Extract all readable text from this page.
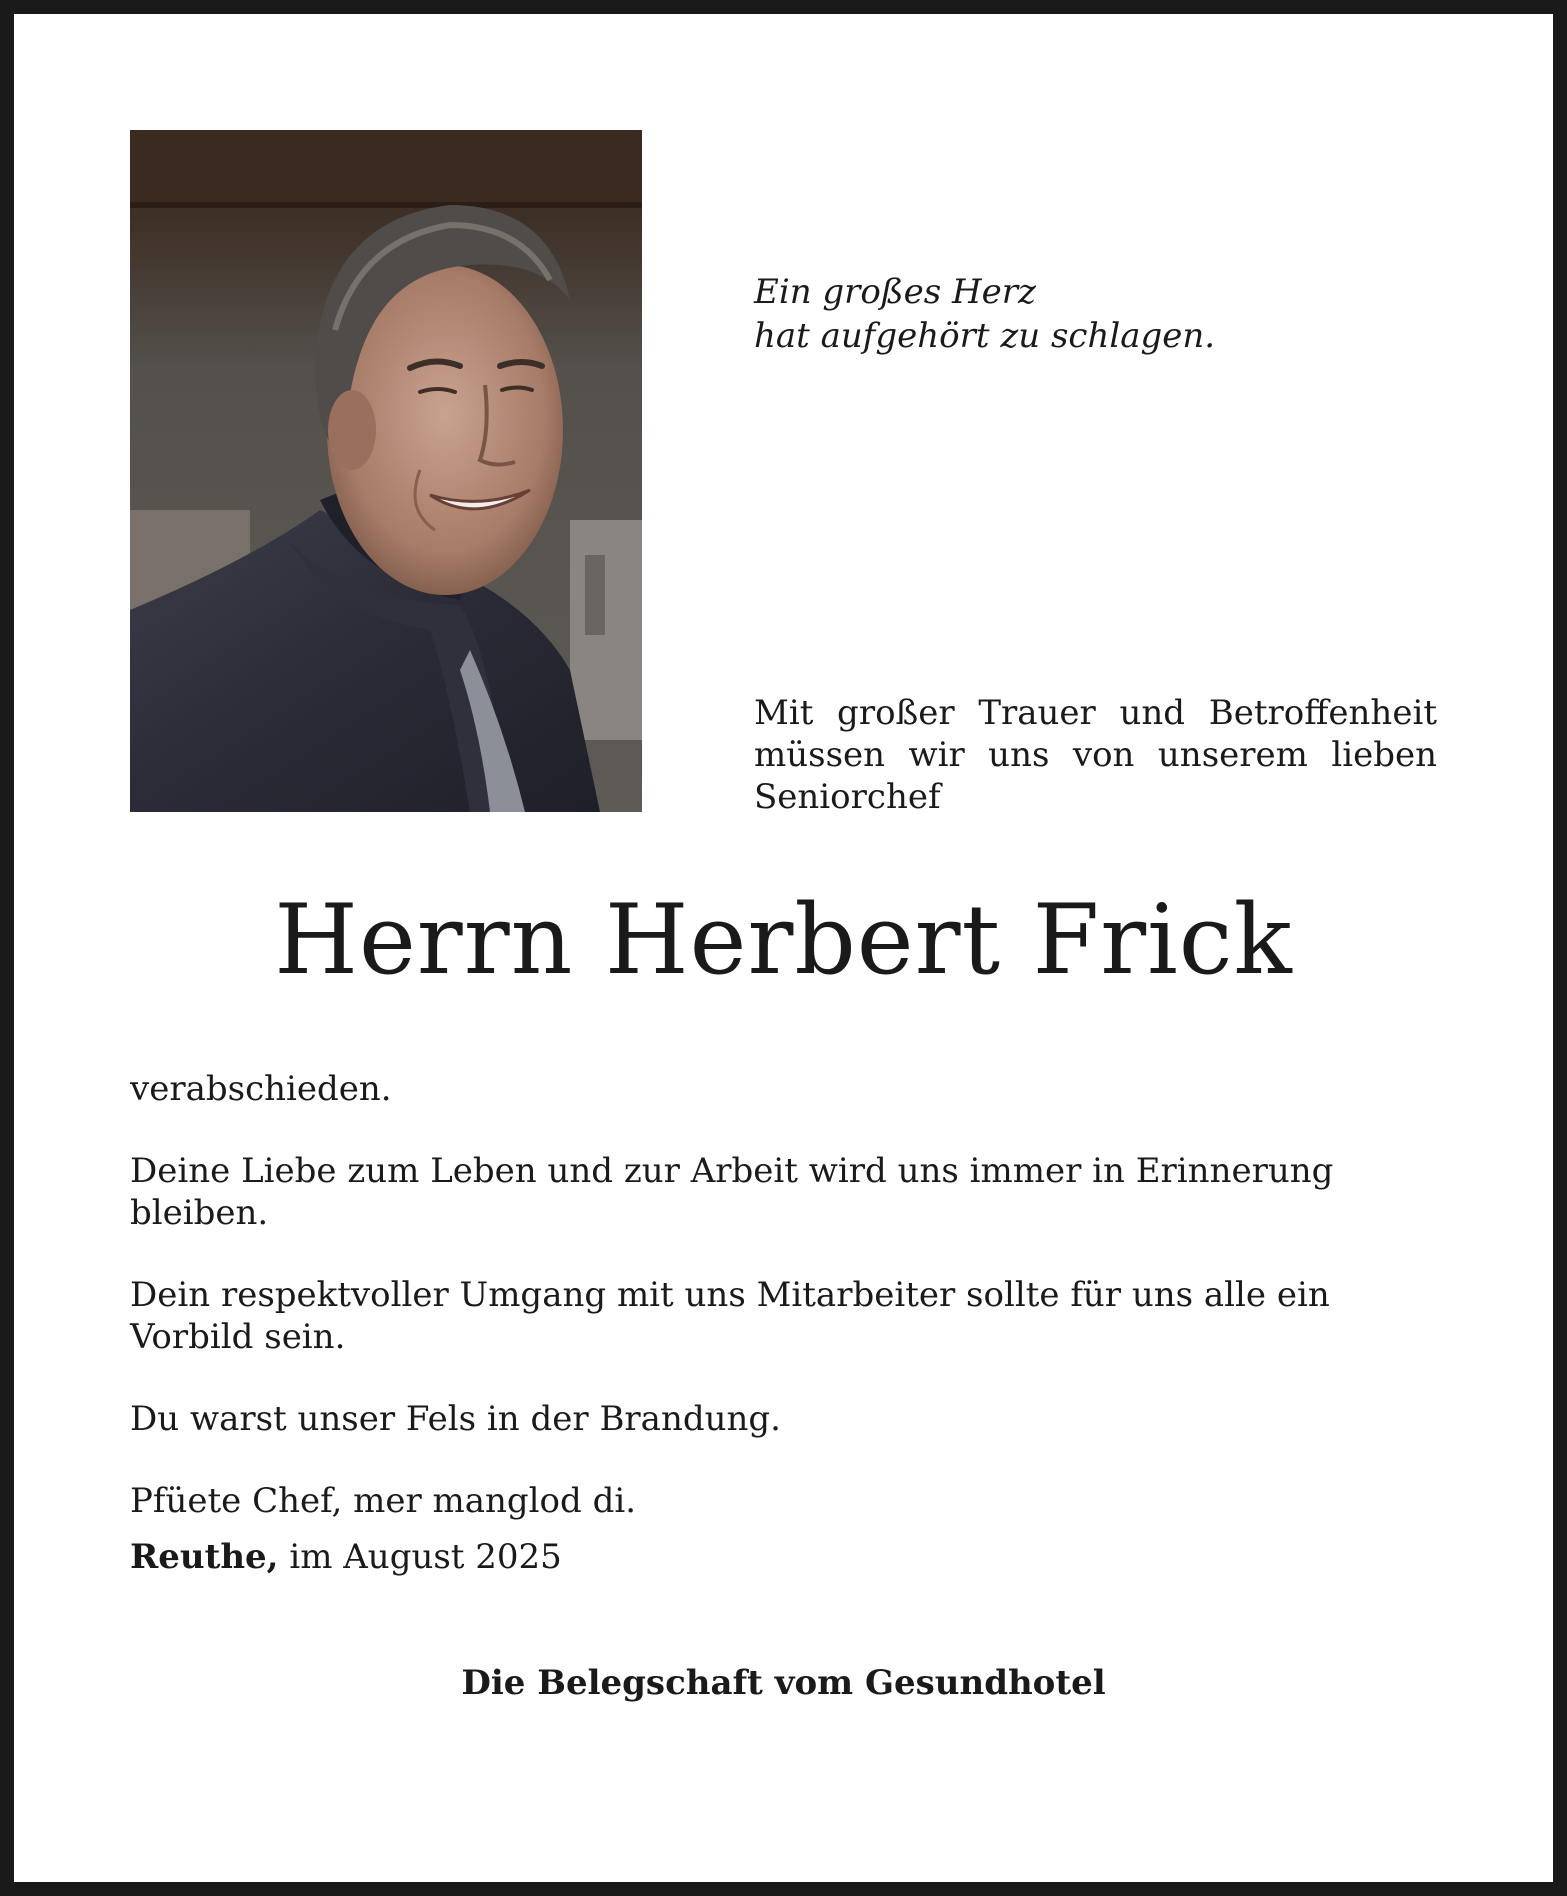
Ein großes Herz
hat aufgehört zu schlagen.
Mit großer Trauer und Betroffenheit müssen wir uns von unserem lieben Seniorchef
Herrn Herbert Frick

verabschieden.

Deine Liebe zum Leben und zur Arbeit wird uns immer in Erinnerung bleiben.

Dein respektvoller Umgang mit uns Mitarbeiter sollte für uns alle ein Vorbild sein.

Du warst unser Fels in der Brandung.

Pfüete Chef, mer manglod di.

Reuthe, im August 2025
Die Belegschaft vom Gesundhotel
